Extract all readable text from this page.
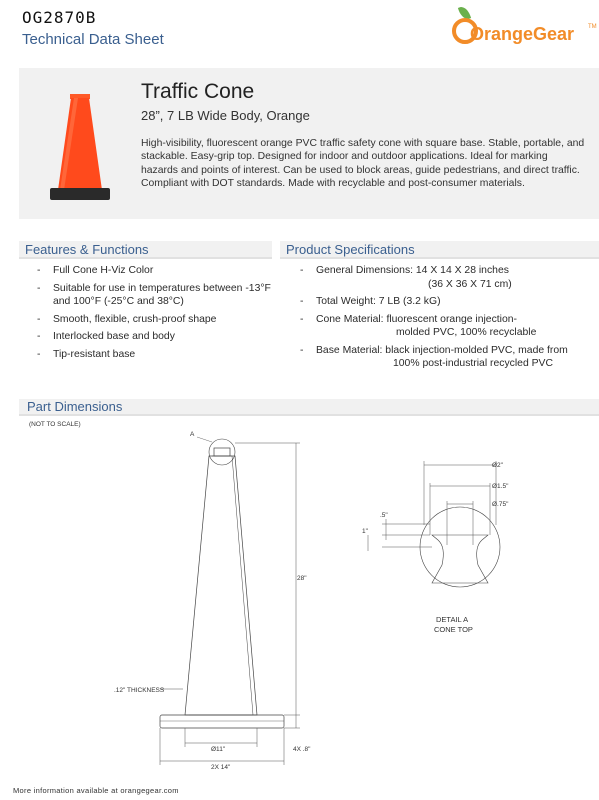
OG2870B
Technical Data Sheet	OrangeGear TM
Traffic Cone
28”, 7 LB Wide Body, Orange
High-visibility, fluorescent orange PVC traffic safety cone with square base. Stable, portable, and stackable. Easy-grip top. Designed for indoor and outdoor applications. Ideal for marking hazards and points of interest. Can be used to block areas, guide pedestrians, and direct traffic. Compliant with DOT standards. Made with recyclable and post-consumer materials.
Features & Functions
- Full Cone H-Viz Color
- Suitable for use in temperatures between -13°F and 100°F (-25°C and 38°C)
- Smooth, flexible, crush-proof shape
- Interlocked base and body
- Tip-resistant base
Product Specifications
- General Dimensions: 14 X 14 X 28 inches
(36 X 36 X 71 cm)
- Total Weight: 7 LB (3.2 kG)
- Cone Material: fluorescent orange injection-
molded PVC, 100% recyclable
- Base Material: black injection-molded PVC, made from
100% post-industrial recycled PVC
Part Dimensions
(NOT TO SCALE)
A
28"
.12" THICKNESS
Ø11"
2X 14"
4X .8"
Ø2"
Ø1.5"
Ø.75"
.5"
1"
DETAIL A
CONE TOP
More information available at orangegear.com
